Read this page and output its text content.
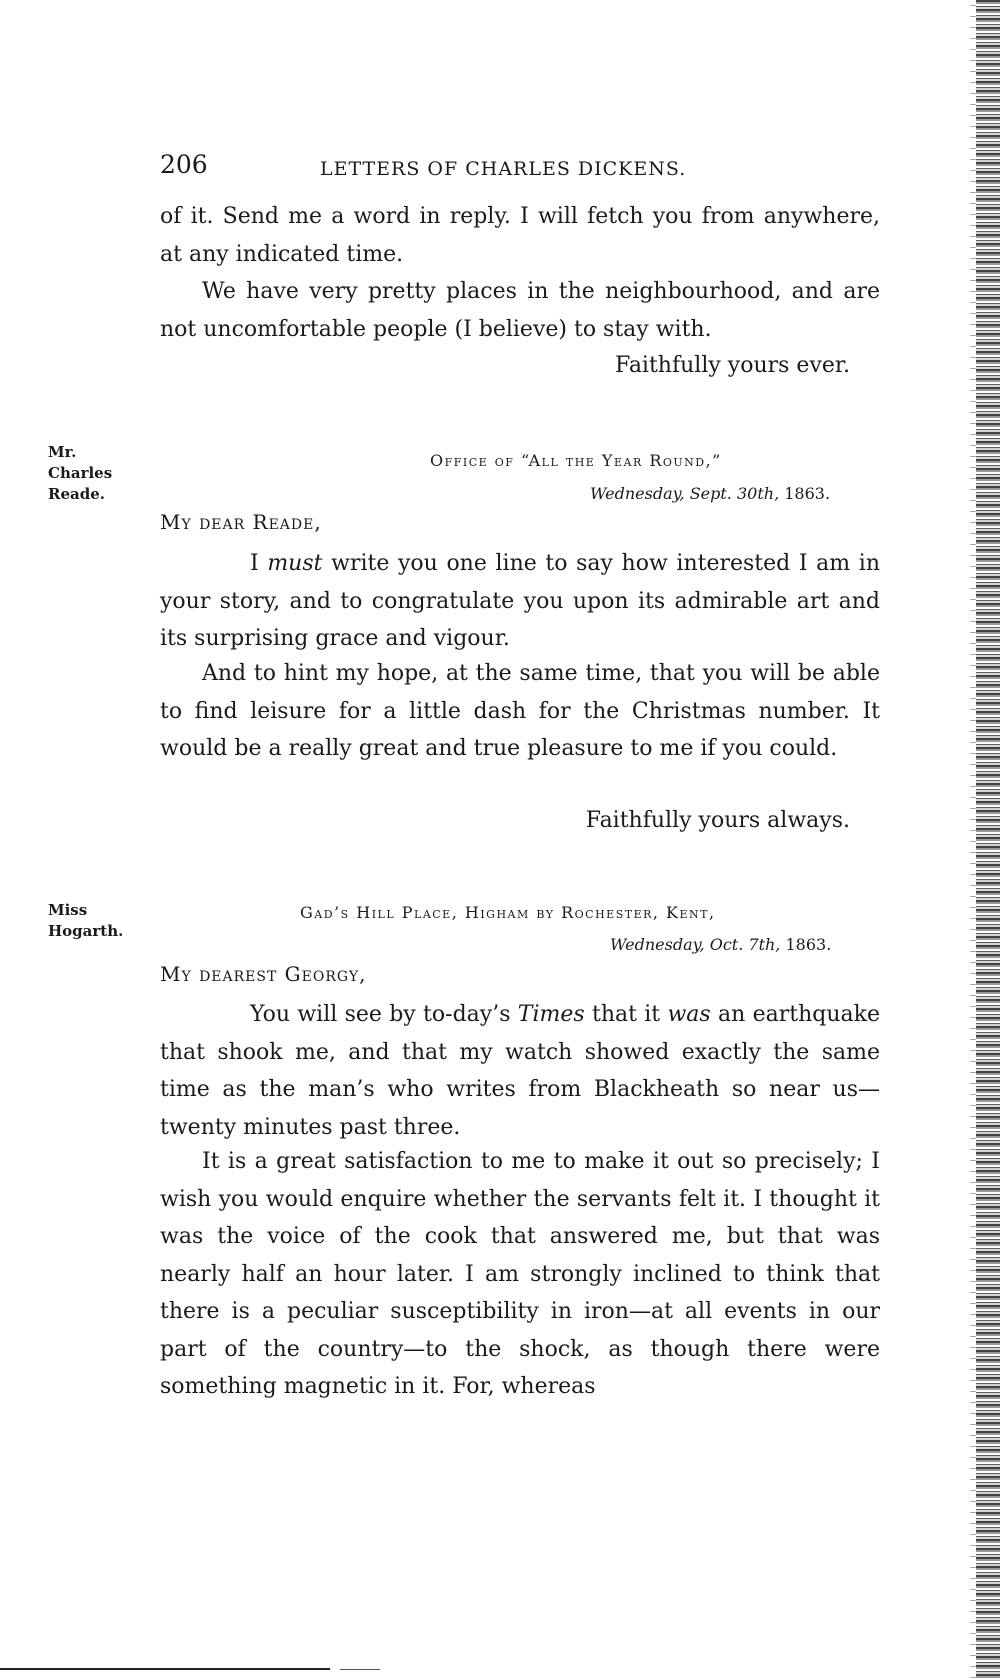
206	LETTERS OF CHARLES DICKENS.

of it. Send me a word in reply. I will fetch you from anywhere, at any indicated time.

We have very pretty places in the neighbourhood, and are not uncomfortable people (I believe) to stay with.

Faithfully yours ever.
Mr.
Charles
Reade.
Office of “All the Year Round,”
Wednesday, Sept. 30th, 1863.
My dear Reade,

I must write you one line to say how interested I am in your story, and to congratulate you upon its admirable art and its surprising grace and vigour.

And to hint my hope, at the same time, that you will be able to find leisure for a little dash for the Christmas number. It would be a really great and true pleasure to me if you could.

Faithfully yours always.
Miss
Hogarth.
Gad’s Hill Place, Higham by Rochester, Kent,
Wednesday, Oct. 7th, 1863.
My dearest Georgy,

You will see by to-day’s Times that it was an earthquake that shook me, and that my watch showed exactly the same time as the man’s who writes from Blackheath so near us—twenty minutes past three.

It is a great satisfaction to me to make it out so precisely; I wish you would enquire whether the servants felt it. I thought it was the voice of the cook that answered me, but that was nearly half an hour later. I am strongly inclined to think that there is a peculiar susceptibility in iron—at all events in our part of the country—to the shock, as though there were something magnetic in it. For, whereas
